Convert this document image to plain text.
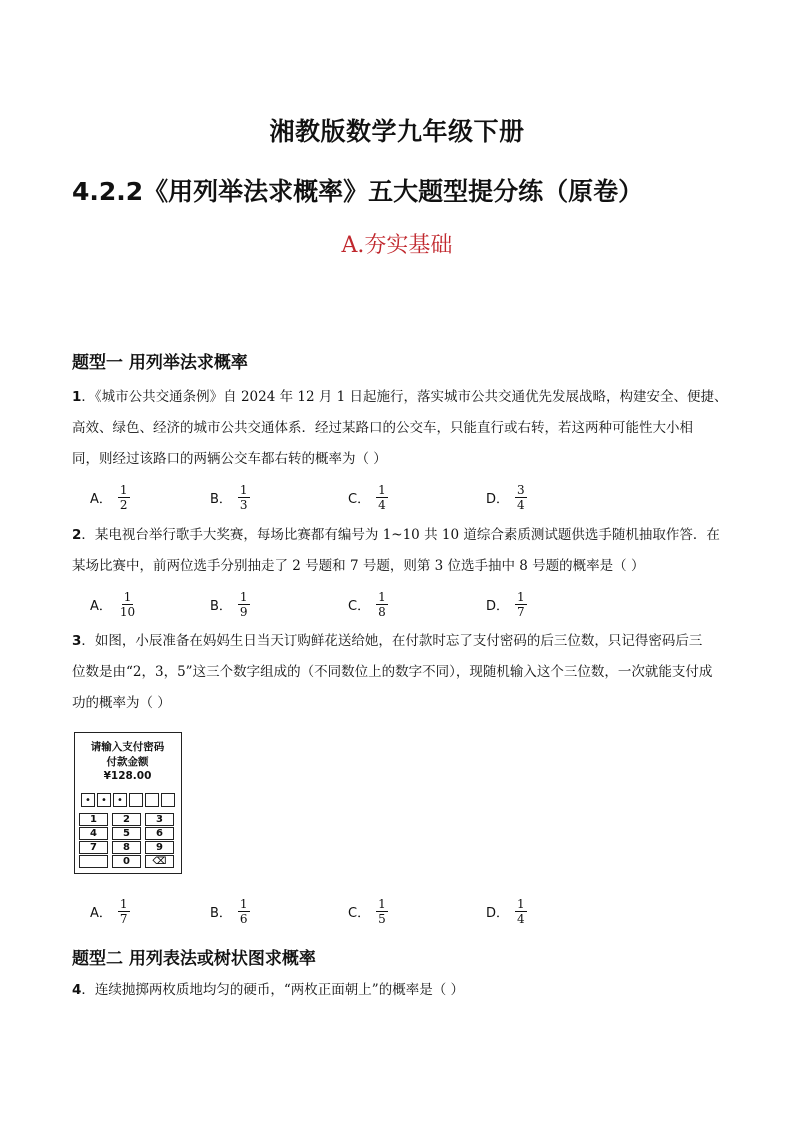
湘教版数学九年级下册
4.2.2《用列举法求概率》五大题型提分练（原卷）
A.夯实基础
题型一 用列举法求概率
1．《城市公共交通条例》自 2024 年 12 月 1 日起施行，落实城市公共交通优先发展战略，构建安全、便捷、
高效、绿色、经济的城市公共交通体系．经过某路口的公交车，只能直行或右转，若这两种可能性大小相
同，则经过该路口的两辆公交车都右转的概率为（ ）
A． $\frac{1}{2}$	B． $\frac{1}{3}$	C． $\frac{1}{4}$	D． $\frac{3}{4}$
2．某电视台举行歌手大奖赛，每场比赛都有编号为 1~10 共 10 道综合素质测试题供选手随机抽取作答．在
某场比赛中，前两位选手分别抽走了 2 号题和 7 号题，则第 3 位选手抽中 8 号题的概率是（ ）
A． $\frac{1}{10}$	B． $\frac{1}{9}$	C． $\frac{1}{8}$	D． $\frac{1}{7}$
3．如图，小辰准备在妈妈生日当天订购鲜花送给她，在付款时忘了支付密码的后三位数，只记得密码后三
位数是由“2，3，5”这三个数字组成的（不同数位上的数字不同），现随机输入这个三位数，一次就能支付成
功的概率为（ ）
请输入支付密码
付款金额
¥128.00
•	•	•
1	2	3
4	5	6
7	8	9
0	⌫
A． $\frac{1}{7}$	B． $\frac{1}{6}$	C． $\frac{1}{5}$	D． $\frac{1}{4}$
题型二 用列表法或树状图求概率
4．连续抛掷两枚质地均匀的硬币，“两枚正面朝上”的概率是（ ）
